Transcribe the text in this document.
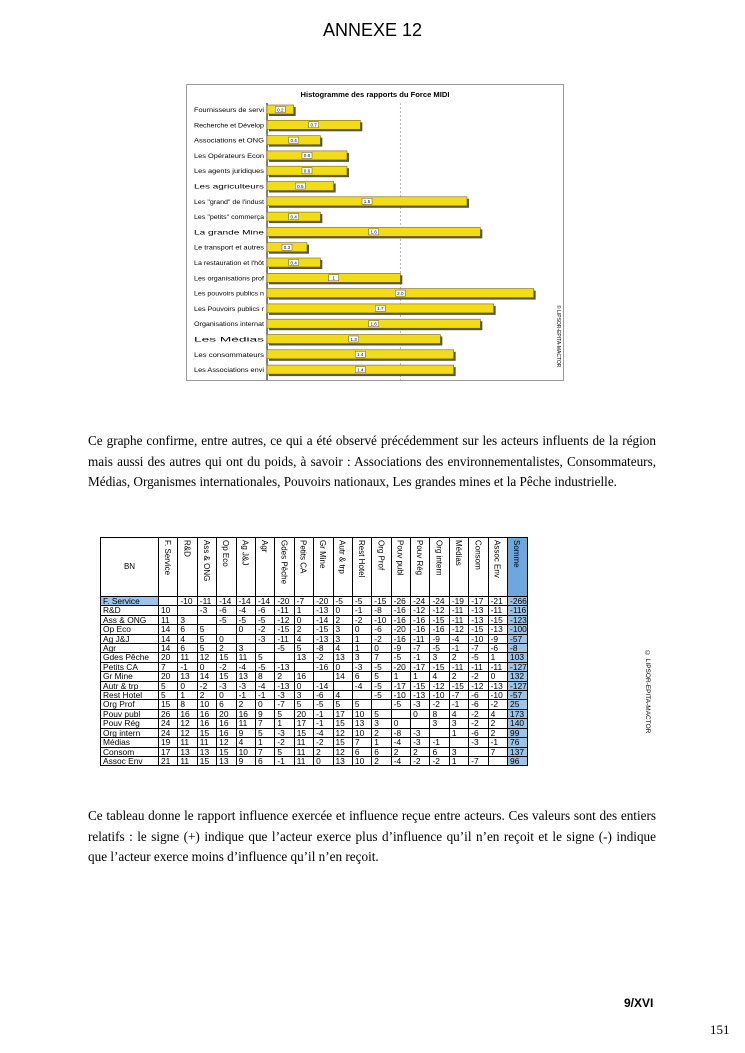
ANNEXE 12
Histogramme des rapports du Force MIDI
Fournisseurs de servi	0.2
Recherche et Dévelop	0.7
Associations et ONG	0.4
Les Opérateurs Econ	0.6
Les agents juridiques	0.6
Les agriculteurs	0.5
Les "grand" de l'indust	1.5
Les "petits" commerça	0.4
La grande Mine	1.6
Le transport et autres	0.3
La restauration et l'hôt	0.4
Les organisations prof	1
Les pouvoirs publics n	2.0
Les Pouvoirs publics r	1.7
Organisations internat	1.6
Les Médias	1.3
Les consommateurs	1.4
Les Associations envi	1.4
© LIPSOR-EPITA-MACTOR
Ce graphe confirme, entre autres, ce qui a été observé précédemment sur les acteurs influents de la région mais aussi des autres qui ont du poids, à savoir : Associations des environnementalistes, Consommateurs, Médias, Organismes internationales, Pouvoirs nationaux, Les grandes mines et la Pêche industrielle.
BN	F. Service	R&D	Ass & ONG	Op Eco	Ag J&J	Agr	Gdes Pêche	Petits CA	Gr Mine	Autr & trp	Rest Hotel	Org Prof	Pouv publ	Pouv Rég	Org intern	Médias	Consom	Assoc Env	Somme

F. Service		-10	-11	-14	-14	-14	-20	-7	-20	-5	-5	-15	-26	-24	-24	-19	-17	-21	-266
R&D	10		-3	-6	-4	-6	-11	1	-13	0	-1	-8	-16	-12	-12	-11	-13	-11	-116
Ass & ONG	11	3		-5	-5	-5	-12	0	-14	2	-2	-10	-16	-16	-15	-11	-13	-15	-123
Op Eco	14	6	5		0	-2	-15	2	-15	3	0	-6	-20	-16	-16	-12	-15	-13	-100
Ag J&J	14	4	5	0		-3	-11	4	-13	3	1	-2	-16	-11	-9	-4	-10	-9	-57
Agr	14	6	5	2	3		-5	5	-8	4	1	0	-9	-7	-5	-1	-7	-6	-8
Gdes Pêche	20	11	12	15	11	5		13	-2	13	3	7	-5	-1	3	2	-5	1	103
Petits CA	7	-1	0	-2	-4	-5	-13		-16	0	-3	-5	-20	-17	-15	-11	-11	-11	-127
Gr Mine	20	13	14	15	13	8	2	16		14	6	5	1	1	4	2	-2	0	132
Autr & trp	5	0	-2	-3	-3	-4	-13	0	-14		-4	-5	-17	-15	-12	-15	-12	-13	-127
Rest Hotel	5	1	2	0	-1	-1	-3	3	-6	4		-5	-10	-13	-10	-7	-6	-10	-57
Org Prof	15	8	10	6	2	0	-7	5	-5	5	5		-5	-3	-2	-1	-6	-2	25
Pouv publ	26	16	16	20	16	9	5	20	-1	17	10	5		0	8	4	-2	4	173
Pouv Rég	24	12	16	16	11	7	1	17	-1	15	13	3	0		3	3	-2	2	140
Org intern	24	12	15	16	9	5	-3	15	-4	12	10	2	-8	-3		1	-6	2	99
Médias	19	11	11	12	4	1	-2	11	-2	15	7	1	-4	-3	-1		-3	-1	76
Consom	17	13	13	15	10	7	5	11	2	12	6	6	2	2	6	3		7	137
Assoc Env	21	11	15	13	9	6	-1	11	0	13	10	2	-4	-2	-2	1	-7		96
© LIPSOR-EPITA-MACTOR
Ce tableau donne le rapport influence exercée et influence reçue entre acteurs. Ces valeurs sont des entiers relatifs : le signe (+) indique que l’acteur exerce plus d’influence qu’il n’en reçoit et le signe (-) indique que l’acteur exerce moins d’influence qu’il n’en reçoit.
9/XVI
151
